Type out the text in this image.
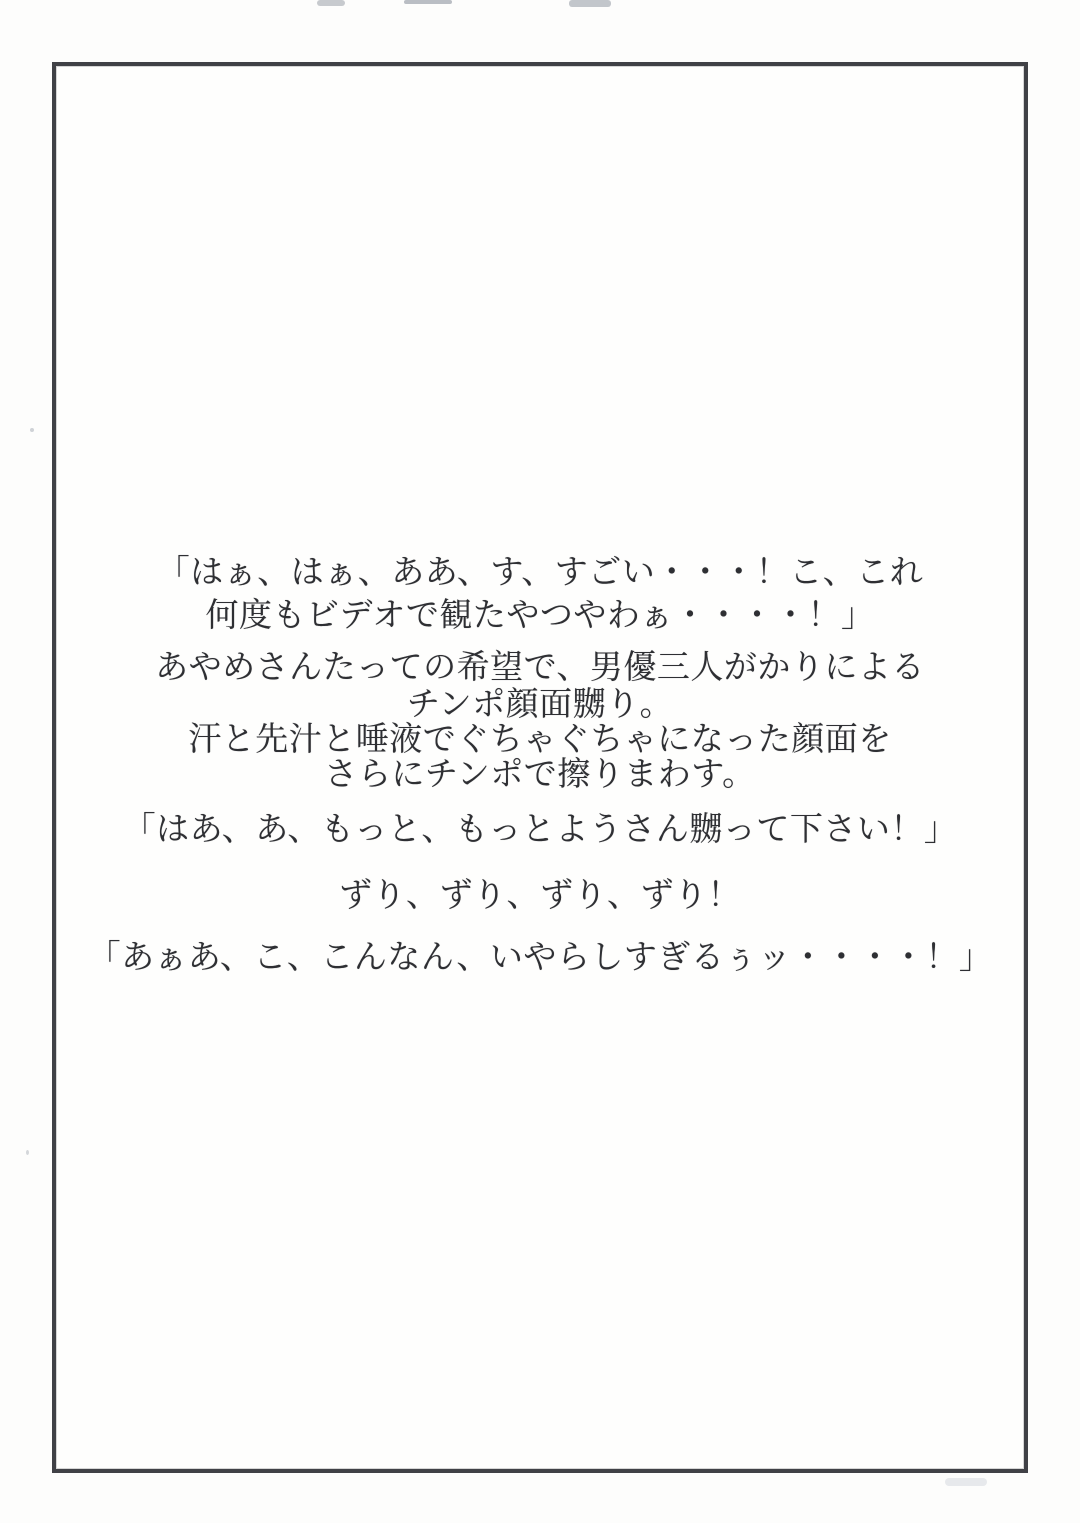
「はぁ、はぁ、ああ、す、すごい・・・！こ、これ
何度もビデオで観たやつやわぁ・・・・！」
あやめさんたっての希望で、男優三人がかりによる
チンポ顔面嬲り。
汗と先汁と唾液でぐちゃぐちゃになった顔面を
さらにチンポで擦りまわす。
「はあ、あ、もっと、もっとようさん嬲って下さい！」
ずり、ずり、ずり、ずり！
「あぁあ、こ、こんなん、いやらしすぎるぅッ・・・・！」
